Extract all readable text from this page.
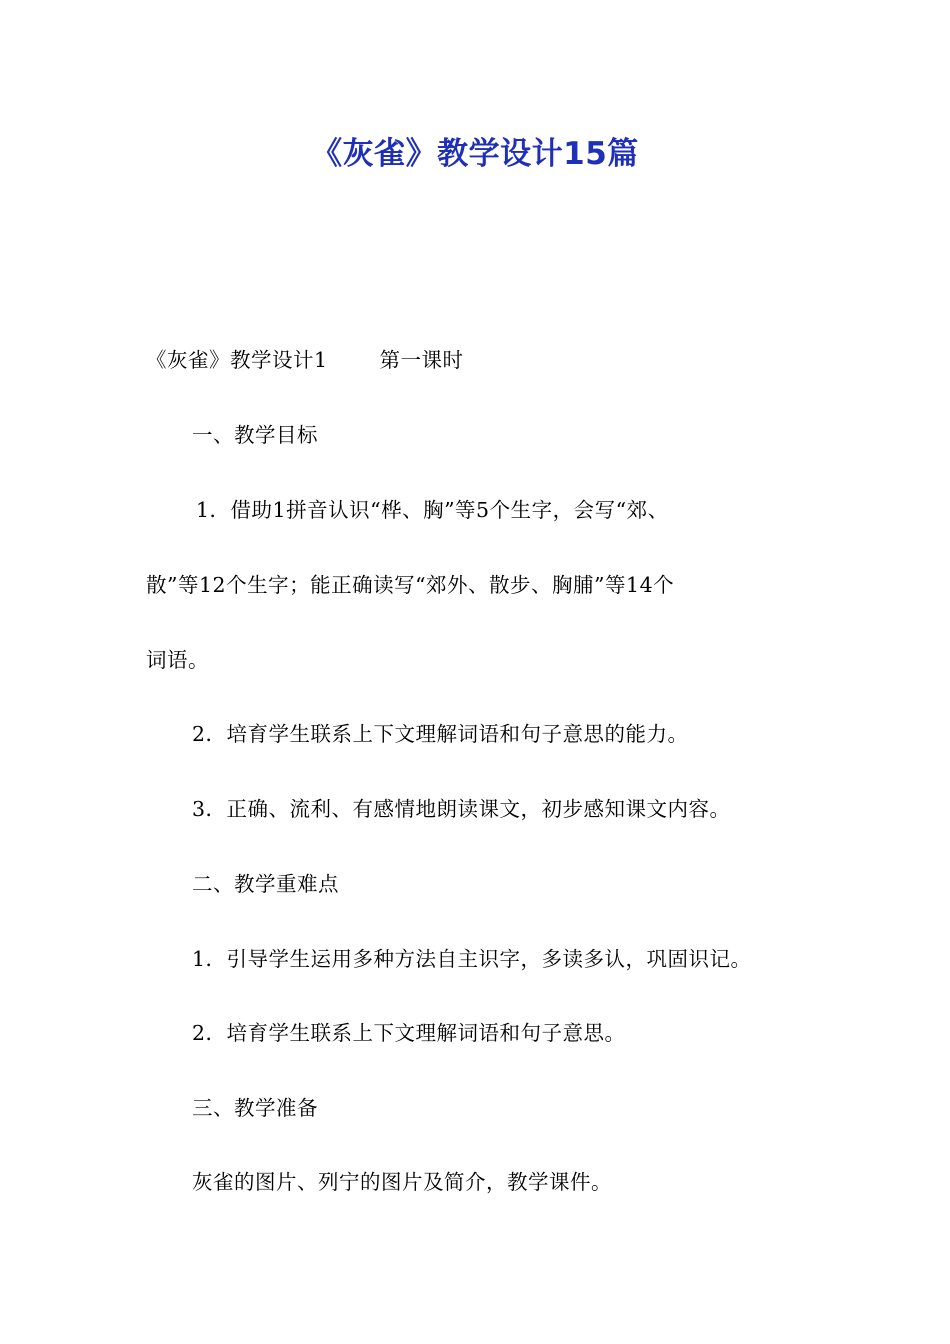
《灰雀》教学设计15篇
《灰雀》教学设计1	第一课时
一、教学目标
1．借助1拼音认识“桦、胸”等5个生字，会写“郊、
散”等12个生字；能正确读写“郊外、散步、胸脯”等14个
词语。
2．培育学生联系上下文理解词语和句子意思的能力。
3．正确、流利、有感情地朗读课文，初步感知课文内容。
二、教学重难点
1．引导学生运用多种方法自主识字，多读多认，巩固识记。
2．培育学生联系上下文理解词语和句子意思。
三、教学准备
灰雀的图片、列宁的图片及简介，教学课件。
